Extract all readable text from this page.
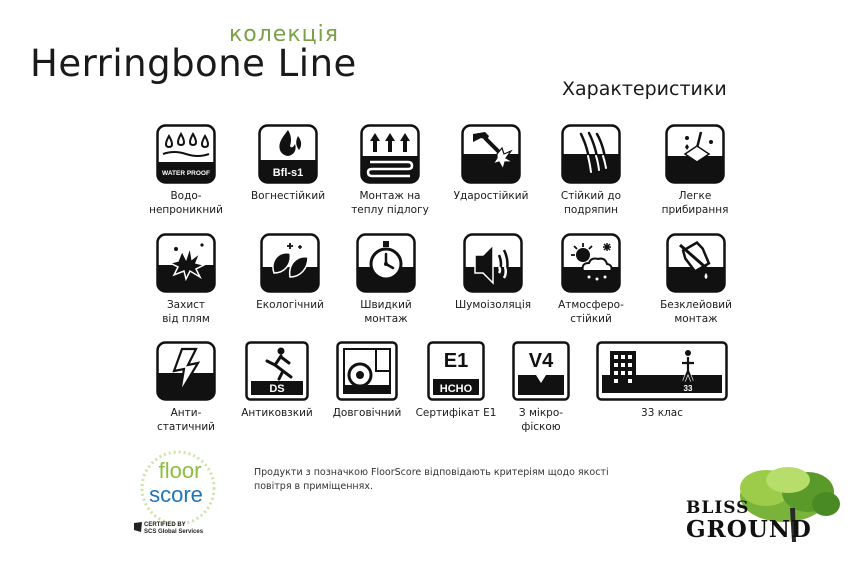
колекція
Herringbone Line
Характеристики
WATER PROOF
Водо-
непроникний
Bfl-s1
Вогнестійкий	Монтаж на
теплу підлогу
Ударостійкий	Стійкий до
подряпин
Легке
прибирання
Захист
від плям
Екологічний	Швидкий
монтаж
Шумоізоляція	Атмосферо-
стійкий
Безклейовий
монтаж
Анти-
статичний
DS
Антиковзкий	Довговічний
E1
HCHO
Сертифікат E1
V4
З мікро-
фіскою
33
33 клас
floor
score
CERTIFIED BY
SCS Global Services
Продукти з позначкою FloorScore відповідають критеріям щодо якості повітря в приміщеннях.
BLISS
GROUND
